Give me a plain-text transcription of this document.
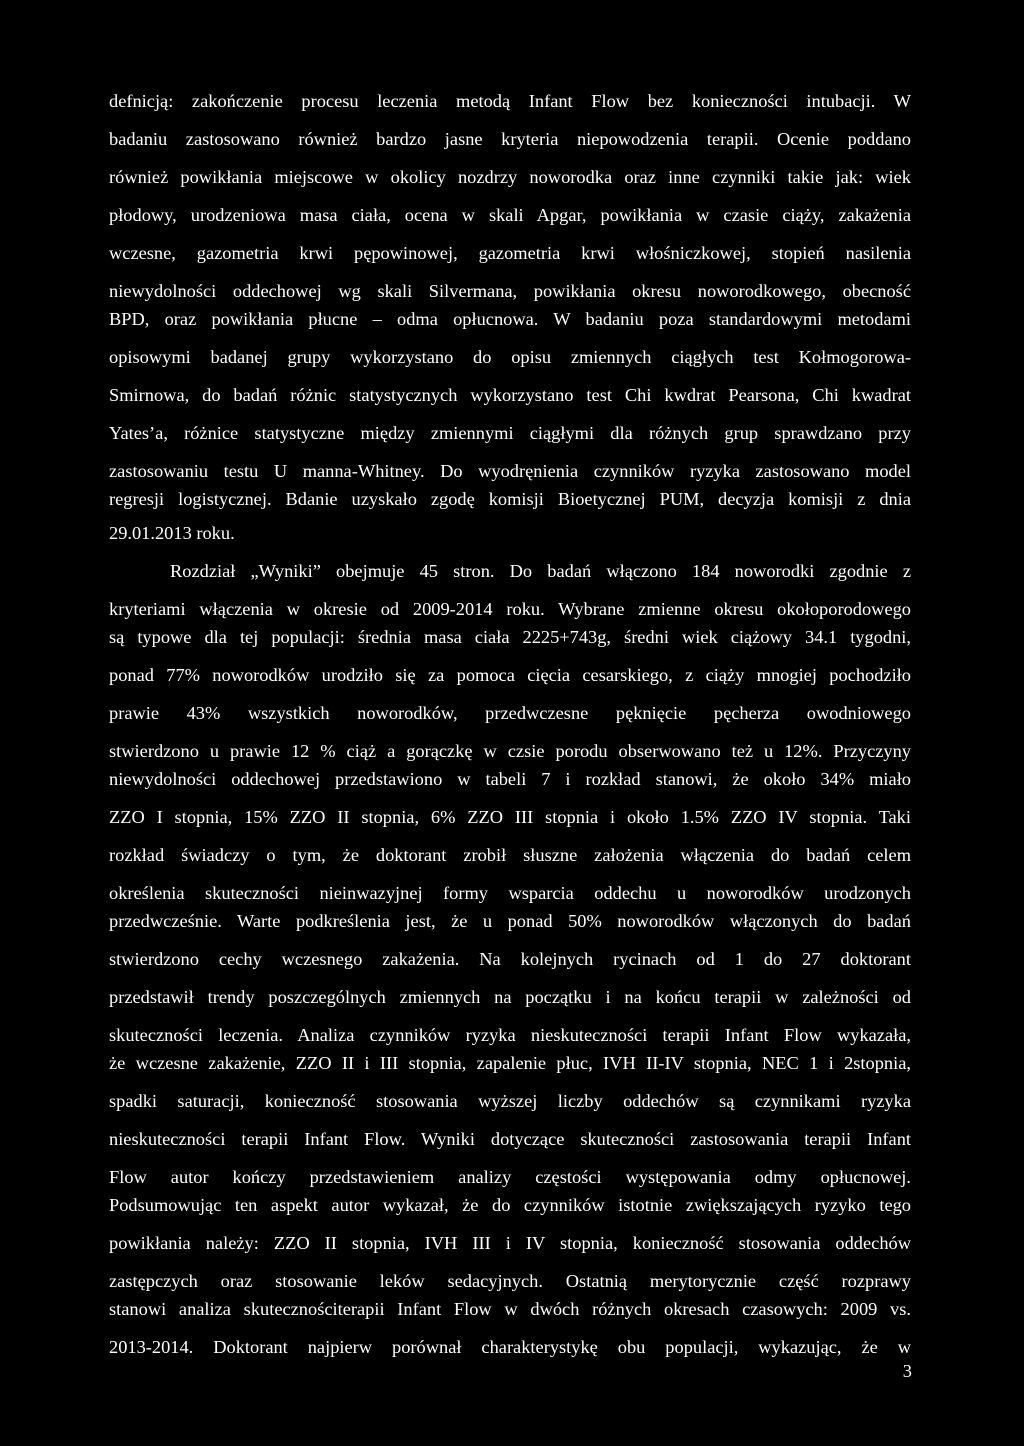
defnicją: zakończenie procesu leczenia metodą Infant Flow bez konieczności intubacji. W
badaniu zastosowano również bardzo jasne kryteria niepowodzenia terapii. Ocenie poddano
również powikłania miejscowe w okolicy nozdrzy noworodka oraz inne czynniki takie jak: wiek
płodowy, urodzeniowa masa ciała, ocena w skali Apgar, powikłania w czasie ciąży, zakażenia
wczesne, gazometria krwi pępowinowej, gazometria krwi włośniczkowej, stopień nasilenia
niewydolności oddechowej wg skali Silvermana, powikłania okresu noworodkowego, obecność
BPD, oraz powikłania płucne – odma opłucnowa. W badaniu poza standardowymi metodami
opisowymi badanej grupy wykorzystano do opisu zmiennych ciągłych test Kołmogorowa-
Smirnowa, do badań różnic statystycznych wykorzystano test Chi kwdrat Pearsona, Chi kwadrat
Yates’a, różnice statystyczne między zmiennymi ciągłymi dla różnych grup sprawdzano przy
zastosowaniu testu U manna-Whitney. Do wyodręnienia czynników ryzyka zastosowano model
regresji logistycznej. Bdanie uzyskało zgodę komisji Bioetycznej PUM, decyzja komisji z dnia
29.01.2013 roku.
Rozdział „Wyniki” obejmuje 45 stron. Do badań włączono 184 noworodki zgodnie z
kryteriami włączenia w okresie od 2009-2014 roku. Wybrane zmienne okresu okołoporodowego
są typowe dla tej populacji: średnia masa ciała 2225+743g, średni wiek ciążowy 34.1 tygodni,
ponad 77% noworodków urodziło się za pomoca cięcia cesarskiego, z ciąży mnogiej pochodziło
prawie 43% wszystkich noworodków, przedwczesne pęknięcie pęcherza owodniowego
stwierdzono u prawie 12 % ciąż a gorączkę w czsie porodu obserwowano też u 12%. Przyczyny
niewydolności oddechowej przedstawiono w tabeli 7 i rozkład stanowi, że około 34% miało
ZZO I stopnia, 15% ZZO II stopnia, 6% ZZO III stopnia i około 1.5% ZZO IV stopnia. Taki
rozkład świadczy o tym, że doktorant zrobił słuszne założenia włączenia do badań celem
określenia skuteczności nieinwazyjnej formy wsparcia oddechu u noworodków urodzonych
przedwcześnie. Warte podkreślenia jest, że u ponad 50% noworodków włączonych do badań
stwierdzono cechy wczesnego zakażenia. Na kolejnych rycinach od 1 do 27 doktorant
przedstawił trendy poszczególnych zmiennych na początku i na końcu terapii w zależności od
skuteczności leczenia. Analiza czynników ryzyka nieskuteczności terapii Infant Flow wykazała,
że wczesne zakażenie, ZZO II i III stopnia, zapalenie płuc, IVH II-IV stopnia, NEC 1 i 2stopnia,
spadki saturacji, konieczność stosowania wyższej liczby oddechów są czynnikami ryzyka
nieskuteczności terapii Infant Flow. Wyniki dotyczące skuteczności zastosowania terapii Infant
Flow autor kończy przedstawieniem analizy częstości występowania odmy opłucnowej.
Podsumowując ten aspekt autor wykazał, że do czynników istotnie zwiększających ryzyko tego
powikłania należy: ZZO II stopnia, IVH III i IV stopnia, konieczność stosowania oddechów
zastępczych oraz stosowanie leków sedacyjnych. Ostatnią merytorycznie część rozprawy
stanowi analiza skutecznościterapii Infant Flow w dwóch różnych okresach czasowych: 2009 vs.
2013-2014. Doktorant najpierw porównał charakterystykę obu populacji, wykazując, że w
3
